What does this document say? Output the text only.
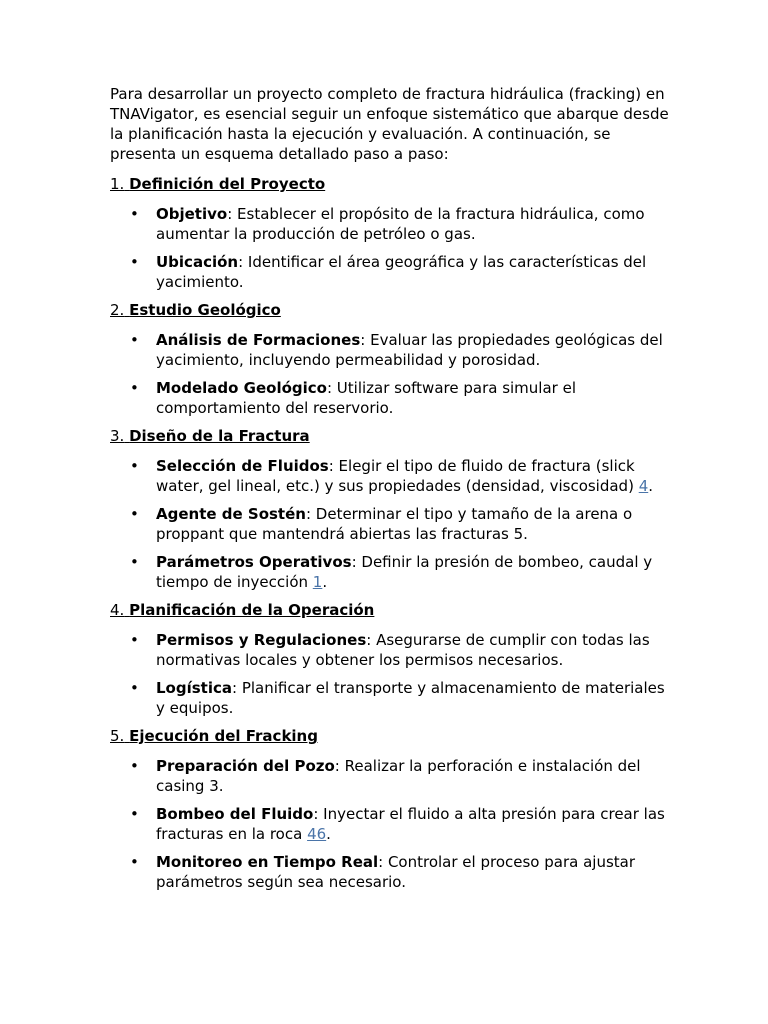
Para desarrollar un proyecto completo de fractura hidráulica (fracking) en TNAVigator, es esencial seguir un enfoque sistemático que abarque desde la planificación hasta la ejecución y evaluación. A continuación, se presenta un esquema detallado paso a paso:

1. Definición del Proyecto

• Objetivo: Establecer el propósito de la fractura hidráulica, como aumentar la producción de petróleo o gas.
• Ubicación: Identificar el área geográfica y las características del yacimiento.

2. Estudio Geológico

• Análisis de Formaciones: Evaluar las propiedades geológicas del yacimiento, incluyendo permeabilidad y porosidad.
• Modelado Geológico: Utilizar software para simular el comportamiento del reservorio.

3. Diseño de la Fractura

• Selección de Fluidos: Elegir el tipo de fluido de fractura (slick water, gel lineal, etc.) y sus propiedades (densidad, viscosidad) 4.
• Agente de Sostén: Determinar el tipo y tamaño de la arena o proppant que mantendrá abiertas las fracturas 5.
• Parámetros Operativos: Definir la presión de bombeo, caudal y tiempo de inyección 1.

4. Planificación de la Operación

• Permisos y Regulaciones: Asegurarse de cumplir con todas las normativas locales y obtener los permisos necesarios.
• Logística: Planificar el transporte y almacenamiento de materiales y equipos.

5. Ejecución del Fracking

• Preparación del Pozo: Realizar la perforación e instalación del casing 3.
• Bombeo del Fluido: Inyectar el fluido a alta presión para crear las fracturas en la roca 46.
• Monitoreo en Tiempo Real: Controlar el proceso para ajustar parámetros según sea necesario.
